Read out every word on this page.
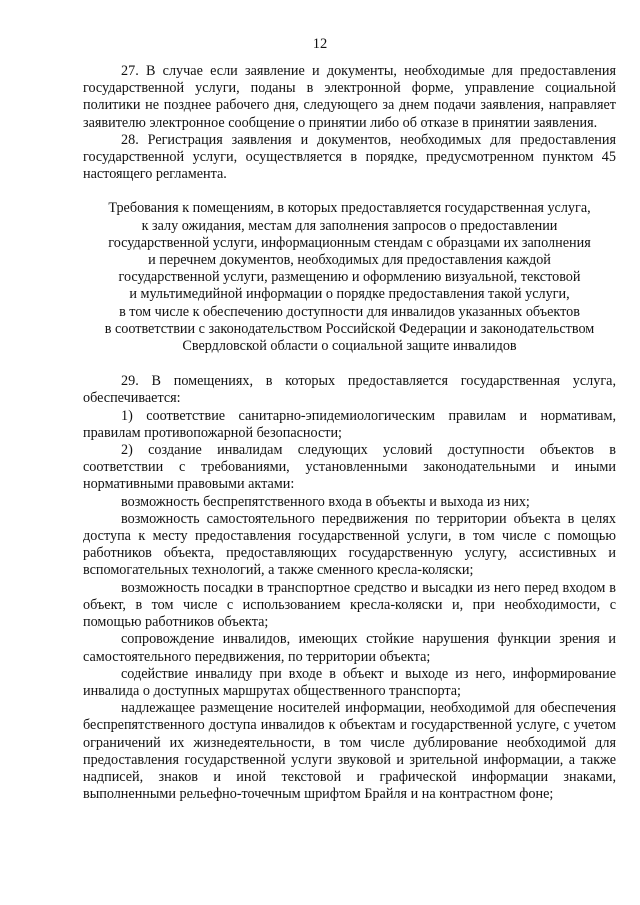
12

27. В случае если заявление и документы, необходимые для предоставления государственной услуги, поданы в электронной форме, управление социальной политики не позднее рабочего дня, следующего за днем подачи заявления, направляет заявителю электронное сообщение о принятии либо об отказе в принятии заявления.

28. Регистрация заявления и документов, необходимых для предоставления государственной услуги, осуществляется в порядке, предусмотренном пунктом 45 настоящего регламента.

Требования к помещениям, в которых предоставляется государственная услуга,
к залу ожидания, местам для заполнения запросов о предоставлении
государственной услуги, информационным стендам с образцами их заполнения
и перечнем документов, необходимых для предоставления каждой
государственной услуги, размещению и оформлению визуальной, текстовой
и мультимедийной информации о порядке предоставления такой услуги,
в том числе к обеспечению доступности для инвалидов указанных объектов
в соответствии с законодательством Российской Федерации и законодательством
Свердловской области о социальной защите инвалидов

29. В помещениях, в которых предоставляется государственная услуга, обеспечивается:

1) соответствие санитарно-эпидемиологическим правилам и нормативам, правилам противопожарной безопасности;

2) создание инвалидам следующих условий доступности объектов в соответствии с требованиями, установленными законодательными и иными нормативными правовыми актами:

возможность беспрепятственного входа в объекты и выхода из них;

возможность самостоятельного передвижения по территории объекта в целях доступа к месту предоставления государственной услуги, в том числе с помощью работников объекта, предоставляющих государственную услугу, ассистивных и вспомогательных технологий, а также сменного кресла-коляски;

возможность посадки в транспортное средство и высадки из него перед входом в объект, в том числе с использованием кресла-коляски и, при необходимости, с помощью работников объекта;

сопровождение инвалидов, имеющих стойкие нарушения функции зрения и самостоятельного передвижения, по территории объекта;

содействие инвалиду при входе в объект и выходе из него, информирование инвалида о доступных маршрутах общественного транспорта;

надлежащее размещение носителей информации, необходимой для обеспечения беспрепятственного доступа инвалидов к объектам и государственной услуге, с учетом ограничений их жизнедеятельности, в том числе дублирование необходимой для предоставления государственной услуги звуковой и зрительной информации, а также надписей, знаков и иной текстовой и графической информации знаками, выполненными рельефно-точечным шрифтом Брайля и на контрастном фоне;
